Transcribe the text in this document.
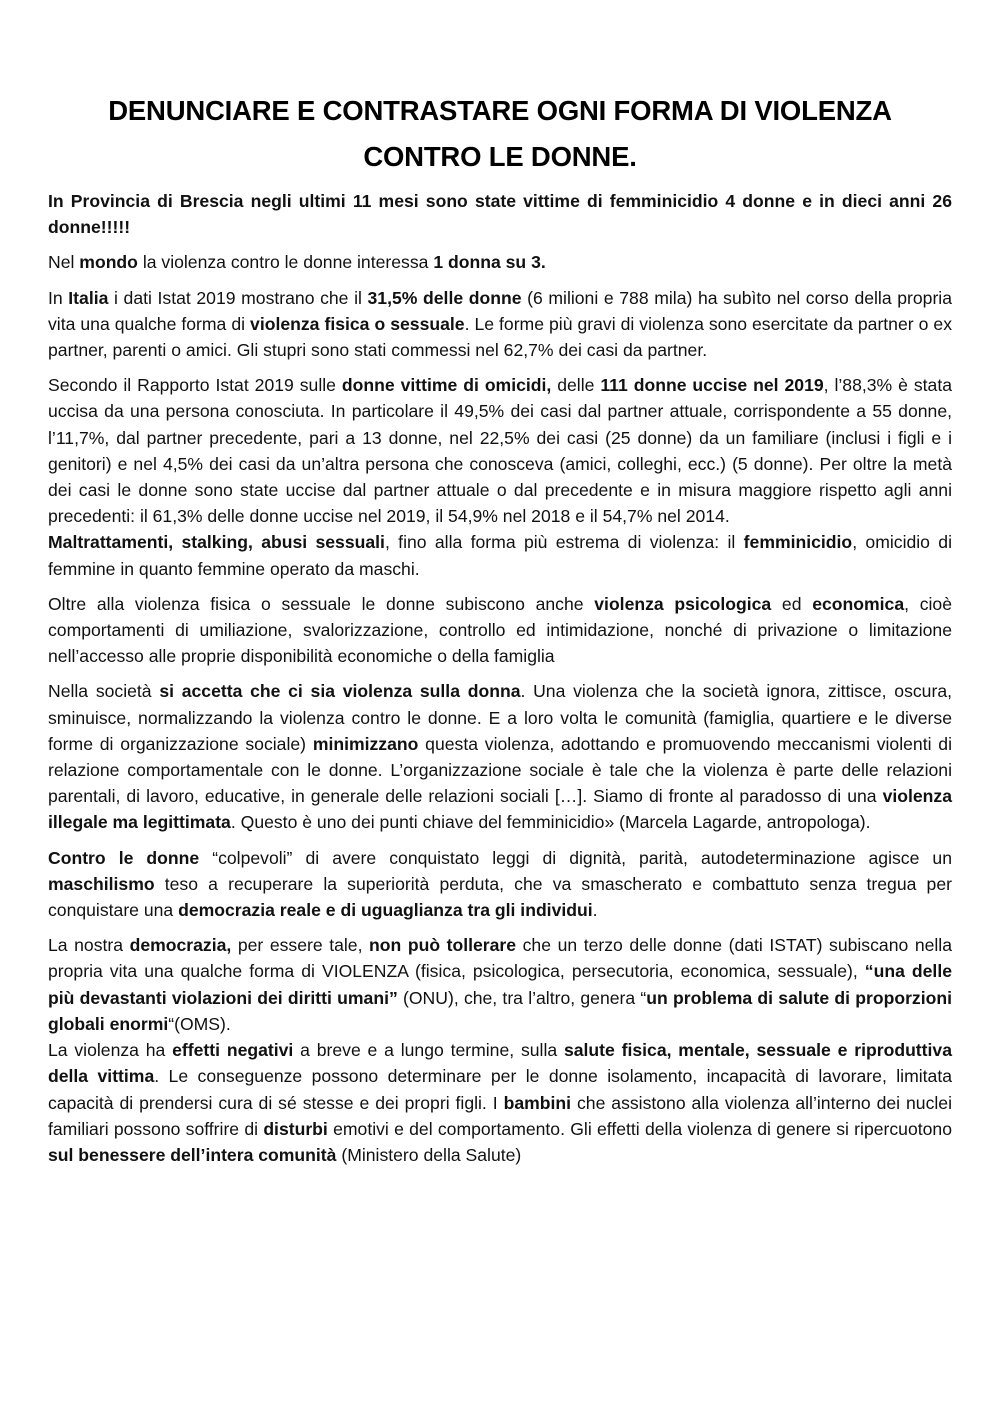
DENUNCIARE E CONTRASTARE OGNI FORMA DI VIOLENZA
CONTRO LE DONNE.

In Provincia di Brescia negli ultimi 11 mesi sono state vittime di femminicidio 4 donne e in dieci anni 26 donne!!!!!

Nel mondo la violenza contro le donne interessa 1 donna su 3.

In Italia i dati Istat 2019 mostrano che il 31,5% delle donne (6 milioni e 788 mila) ha subìto nel corso della propria vita una qualche forma di violenza fisica o sessuale. Le forme più gravi di violenza sono esercitate da partner o ex partner, parenti o amici. Gli stupri sono stati commessi nel 62,7% dei casi da partner.

Secondo il Rapporto Istat 2019 sulle donne vittime di omicidi, delle 111 donne uccise nel 2019, l’88,3% è stata uccisa da una persona conosciuta. In particolare il 49,5% dei casi dal partner attuale, corrispondente a 55 donne, l’11,7%, dal partner precedente, pari a 13 donne, nel 22,5% dei casi (25 donne) da un familiare (inclusi i figli e i genitori) e nel 4,5% dei casi da un’altra persona che conosceva (amici, colleghi, ecc.) (5 donne). Per oltre la metà dei casi le donne sono state uccise dal partner attuale o dal precedente e in misura maggiore rispetto agli anni precedenti: il 61,3% delle donne uccise nel 2019, il 54,9% nel 2018 e il 54,7% nel 2014.

Maltrattamenti, stalking, abusi sessuali, fino alla forma più estrema di violenza: il femminicidio, omicidio di femmine in quanto femmine operato da maschi.

Oltre alla violenza fisica o sessuale le donne subiscono anche violenza psicologica ed economica, cioè comportamenti di umiliazione, svalorizzazione, controllo ed intimidazione, nonché di privazione o limitazione nell’accesso alle proprie disponibilità economiche o della famiglia

Nella società si accetta che ci sia violenza sulla donna. Una violenza che la società ignora, zittisce, oscura, sminuisce, normalizzando la violenza contro le donne. E a loro volta le comunità (famiglia, quartiere e le diverse forme di organizzazione sociale) minimizzano questa violenza, adottando e promuovendo meccanismi violenti di relazione comportamentale con le donne. L’organizzazione sociale è tale che la violenza è parte delle relazioni parentali, di lavoro, educative, in generale delle relazioni sociali […]. Siamo di fronte al paradosso di una violenza illegale ma legittimata. Questo è uno dei punti chiave del femminicidio» (Marcela Lagarde, antropologa).

Contro le donne “colpevoli” di avere conquistato leggi di dignità, parità, autodeterminazione agisce un maschilismo teso a recuperare la superiorità perduta, che va smascherato e combattuto senza tregua per conquistare una democrazia reale e di uguaglianza tra gli individui.

La nostra democrazia, per essere tale, non può tollerare che un terzo delle donne (dati ISTAT) subiscano nella propria vita una qualche forma di VIOLENZA (fisica, psicologica, persecutoria, economica, sessuale), “una delle più devastanti violazioni dei diritti umani” (ONU), che, tra l’altro, genera “un problema di salute di proporzioni globali enormi“(OMS).

La violenza ha effetti negativi a breve e a lungo termine, sulla salute fisica, mentale, sessuale e riproduttiva della vittima. Le conseguenze possono determinare per le donne isolamento, incapacità di lavorare, limitata capacità di prendersi cura di sé stesse e dei propri figli. I bambini che assistono alla violenza all’interno dei nuclei familiari possono soffrire di disturbi emotivi e del comportamento. Gli effetti della violenza di genere si ripercuotono sul benessere dell’intera comunità (Ministero della Salute)
